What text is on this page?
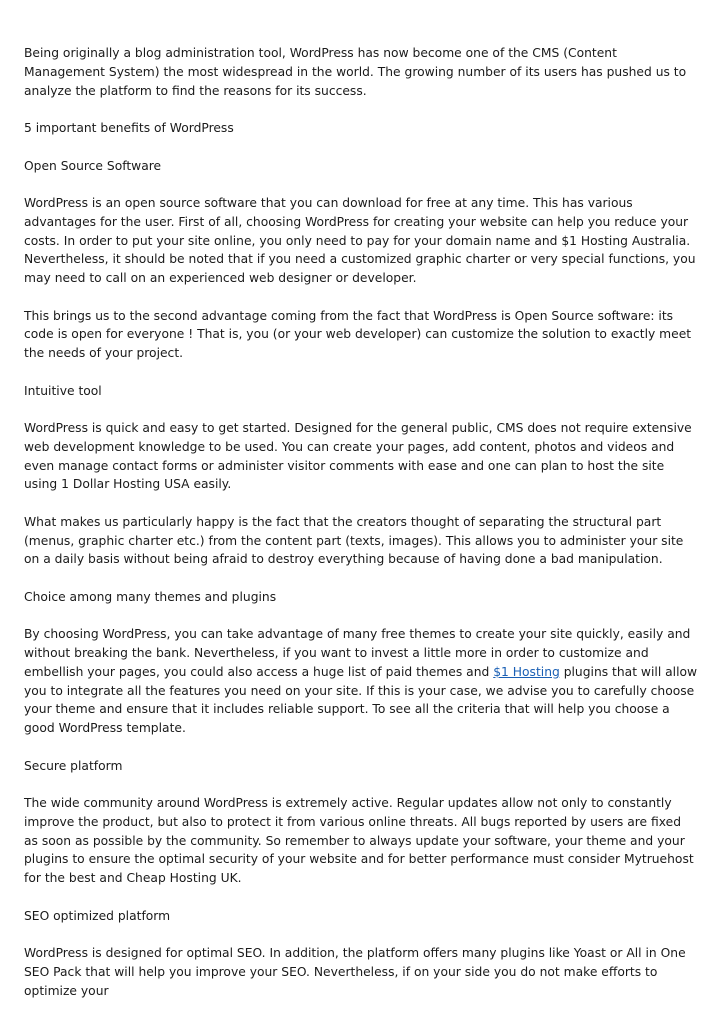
Being originally a blog administration tool, WordPress has now become one of the CMS (Content Management System) the most widespread in the world. The growing number of its users has pushed us to analyze the platform to find the reasons for its success.

5 important benefits of WordPress

Open Source Software

WordPress is an open source software that you can download for free at any time. This has various advantages for the user. First of all, choosing WordPress for creating your website can help you reduce your costs. In order to put your site online, you only need to pay for your domain name and $1 Hosting Australia. Nevertheless, it should be noted that if you need a customized graphic charter or very special functions, you may need to call on an experienced web designer or developer.

This brings us to the second advantage coming from the fact that WordPress is Open Source software: its code is open for everyone ! That is, you (or your web developer) can customize the solution to exactly meet the needs of your project.

Intuitive tool

WordPress is quick and easy to get started. Designed for the general public, CMS does not require extensive web development knowledge to be used. You can create your pages, add content, photos and videos and even manage contact forms or administer visitor comments with ease and one can plan to host the site using 1 Dollar Hosting USA easily.

What makes us particularly happy is the fact that the creators thought of separating the structural part (menus, graphic charter etc.) from the content part (texts, images). This allows you to administer your site on a daily basis without being afraid to destroy everything because of having done a bad manipulation.

Choice among many themes and plugins

By choosing WordPress, you can take advantage of many free themes to create your site quickly, easily and without breaking the bank. Nevertheless, if you want to invest a little more in order to customize and embellish your pages, you could also access a huge list of paid themes and $1 Hosting plugins that will allow you to integrate all the features you need on your site. If this is your case, we advise you to carefully choose your theme and ensure that it includes reliable support. To see all the criteria that will help you choose a good WordPress template.

Secure platform

The wide community around WordPress is extremely active. Regular updates allow not only to constantly improve the product, but also to protect it from various online threats. All bugs reported by users are fixed as soon as possible by the community. So remember to always update your software, your theme and your plugins to ensure the optimal security of your website and for better performance must consider Mytruehost for the best and Cheap Hosting UK.

SEO optimized platform

WordPress is designed for optimal SEO. In addition, the platform offers many plugins like Yoast or All in One SEO Pack that will help you improve your SEO. Nevertheless, if on your side you do not make efforts to optimize your
